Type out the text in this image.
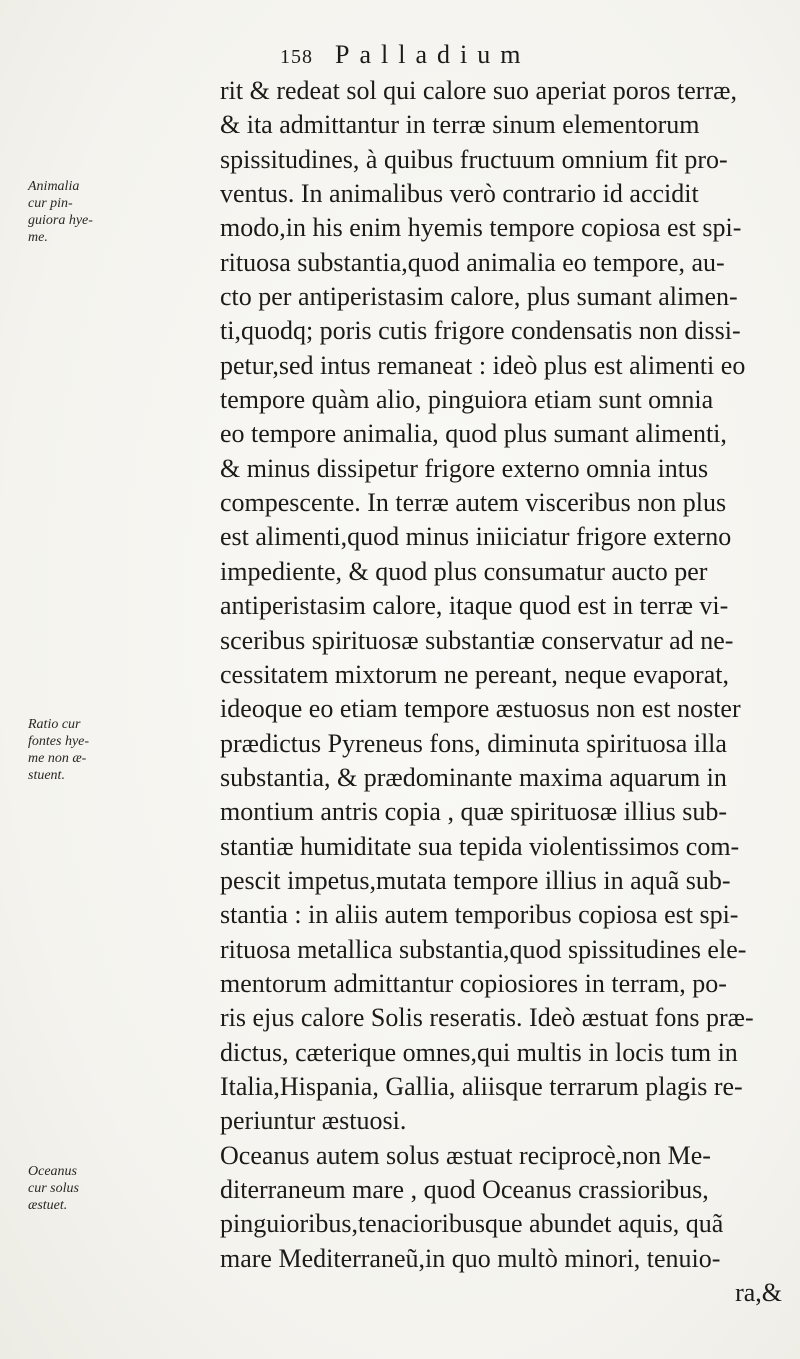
158 Palladium
rit & redeat sol qui calore suo aperiat poros terræ,
& ita admittantur in terræ sinum elementorum
spissitudines, à quibus fructuum omnium fit pro-
ventus. In animalibus verò contrario id accidit
modo,in his enim hyemis tempore copiosa est spi-
rituosa substantia,quod animalia eo tempore, au-
cto per antiperistasim calore, plus sumant alimen-
ti,quodq; poris cutis frigore condensatis non dissi-
petur,sed intus remaneat : ideò plus est alimenti eo
tempore quàm alio, pinguiora etiam sunt omnia
eo tempore animalia, quod plus sumant alimenti,
& minus dissipetur frigore externo omnia intus
compescente. In terræ autem visceribus non plus
est alimenti,quod minus iniiciatur frigore externo
impediente, & quod plus consumatur aucto per
antiperistasim calore, itaque quod est in terræ vi-
sceribus spirituosæ substantiæ conservatur ad ne-
cessitatem mixtorum ne pereant, neque evaporat,
ideoque eo etiam tempore æstuosus non est noster
prædictus Pyreneus fons, diminuta spirituosa illa
substantia, & prædominante maxima aquarum in
montium antris copia , quæ spirituosæ illius sub-
stantiæ humiditate sua tepida violentissimos com-
pescit impetus,mutata tempore illius in aquã sub-
stantia : in aliis autem temporibus copiosa est spi-
rituosa metallica substantia,quod spissitudines ele-
mentorum admittantur copiosiores in terram, po-
ris ejus calore Solis reseratis. Ideò æstuat fons præ-
dictus, cæterique omnes,qui multis in locis tum in
Italia,Hispania, Gallia, aliisque terrarum plagis re-
periuntur æstuosi.
Oceanus autem solus æstuat reciprocè,non Me-
diterraneum mare , quod Oceanus crassioribus,
pinguioribus,tenacioribusque abundet aquis, quã
mare Mediterraneũ,in quo multò minori, tenuio-
ra,&
Animalia
cur pin-
guiora hye-
me.
Ratio cur
fontes hye-
me non æ-
stuent.
Oceanus
cur solus
æstuet.
